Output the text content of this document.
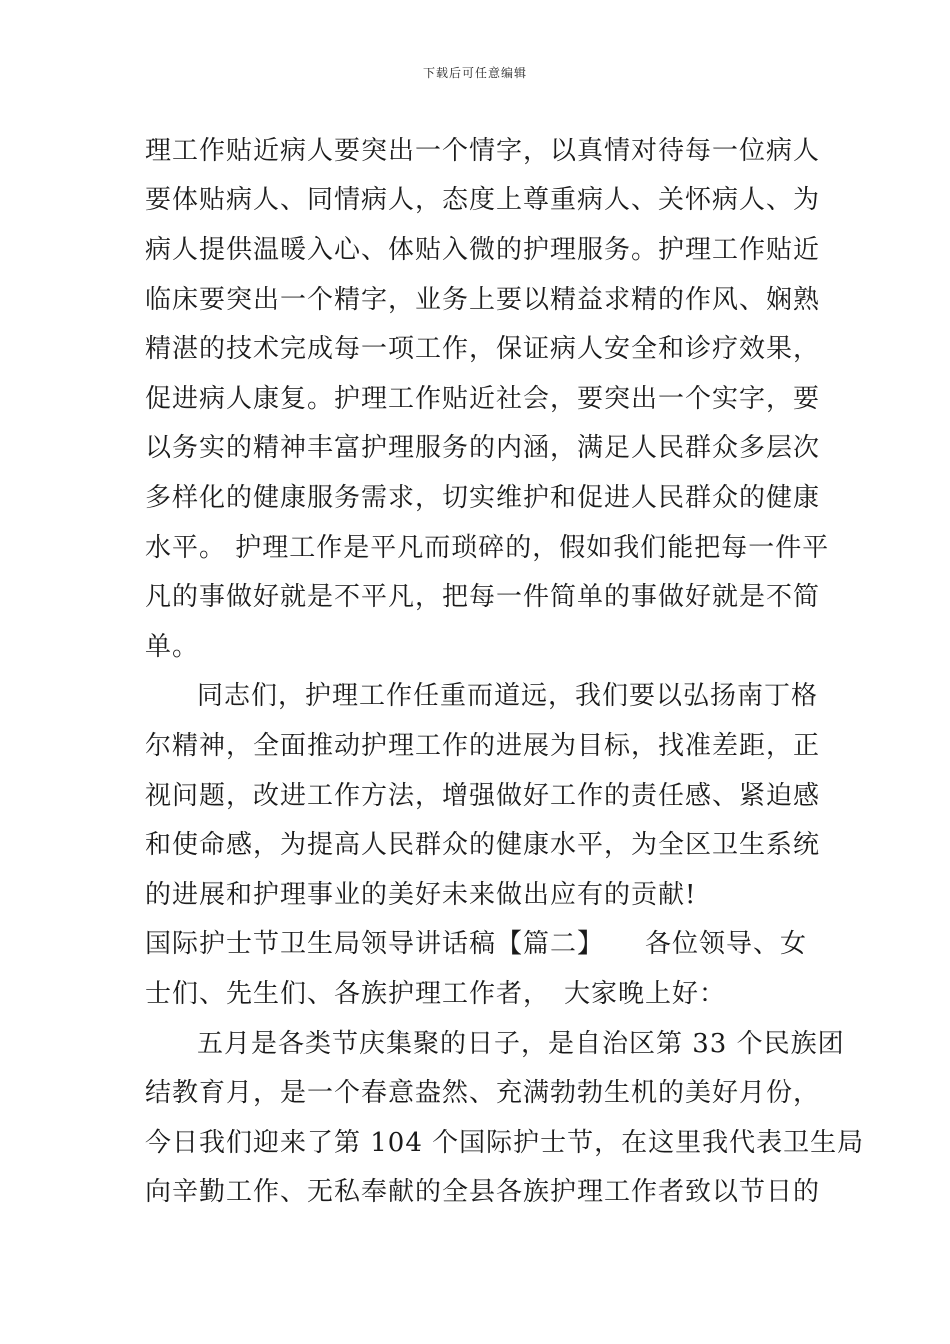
下载后可任意编辑
理工作贴近病人要突出一个情字，以真情对待每一位病人
要体贴病人、同情病人，态度上尊重病人、关怀病人、为
病人提供温暖入心、体贴入微的护理服务。护理工作贴近
临床要突出一个精字，业务上要以精益求精的作风、娴熟
精湛的技术完成每一项工作，保证病人安全和诊疗效果，
促进病人康复。护理工作贴近社会，要突出一个实字，要
以务实的精神丰富护理服务的内涵，满足人民群众多层次
多样化的健康服务需求，切实维护和促进人民群众的健康
水平。 护理工作是平凡而琐碎的，假如我们能把每一件平
凡的事做好就是不平凡，把每一件简单的事做好就是不简
单。
同志们，护理工作任重而道远，我们要以弘扬南丁格
尔精神，全面推动护理工作的进展为目标，找准差距，正
视问题，改进工作方法，增强做好工作的责任感、紧迫感
和使命感，为提高人民群众的健康水平，为全区卫生系统
的进展和护理事业的美好未来做出应有的贡献!
国际护士节卫生局领导讲话稿【篇二】　　各位领导、女
士们、先生们、各族护理工作者，　大家晚上好：
五月是各类节庆集聚的日子，是自治区第 33 个民族团
结教育月，是一个春意盎然、充满勃勃生机的美好月份，
今日我们迎来了第 104 个国际护士节，在这里我代表卫生局
向辛勤工作、无私奉献的全县各族护理工作者致以节日的
